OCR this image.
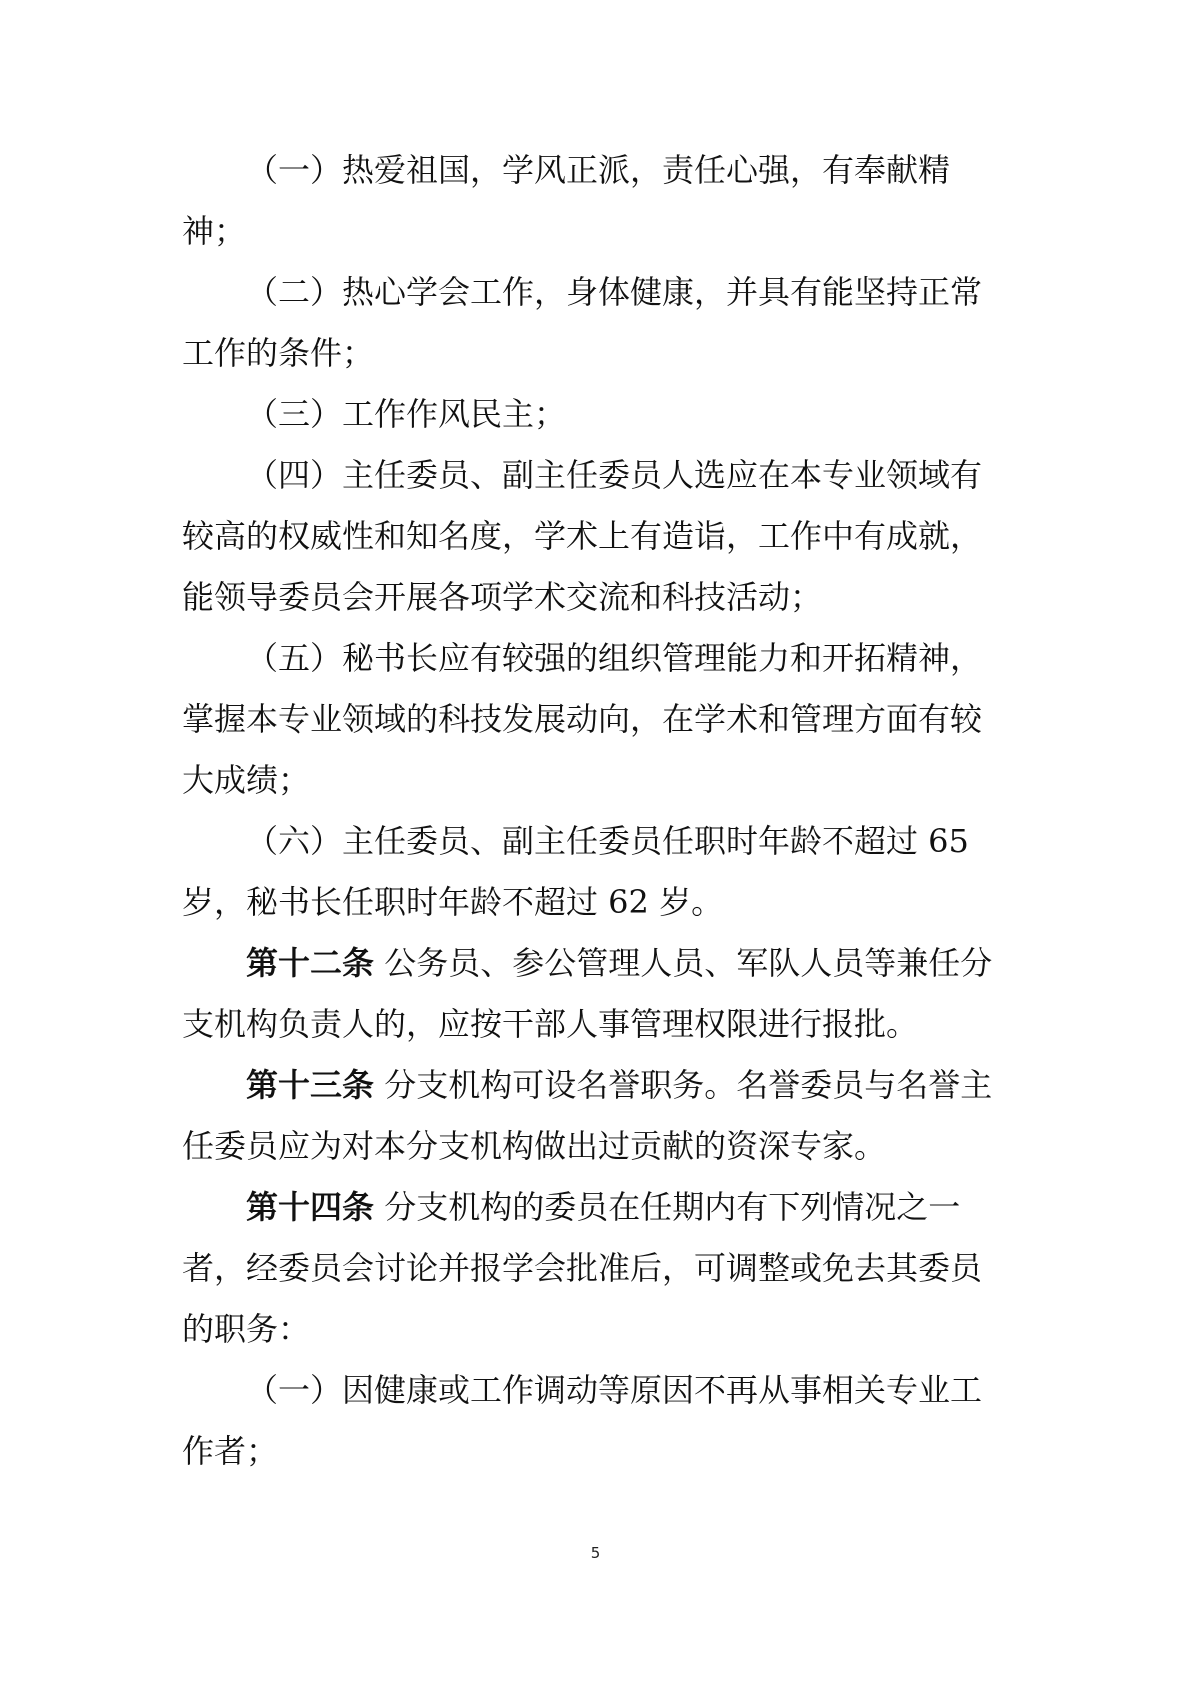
（一）热爱祖国，学风正派，责任心强，有奉献精
神；
（二）热心学会工作，身体健康，并具有能坚持正常
工作的条件；
（三）工作作风民主；
（四）主任委员、副主任委员人选应在本专业领域有
较高的权威性和知名度，学术上有造诣，工作中有成就，
能领导委员会开展各项学术交流和科技活动；
（五）秘书长应有较强的组织管理能力和开拓精神，
掌握本专业领域的科技发展动向，在学术和管理方面有较
大成绩；
（六）主任委员、副主任委员任职时年龄不超过 65
岁，秘书长任职时年龄不超过 62 岁。
第十二条 公务员、参公管理人员、军队人员等兼任分
支机构负责人的，应按干部人事管理权限进行报批。
第十三条 分支机构可设名誉职务。名誉委员与名誉主
任委员应为对本分支机构做出过贡献的资深专家。
第十四条 分支机构的委员在任期内有下列情况之一
者，经委员会讨论并报学会批准后，可调整或免去其委员
的职务：
（一）因健康或工作调动等原因不再从事相关专业工
作者；
5
